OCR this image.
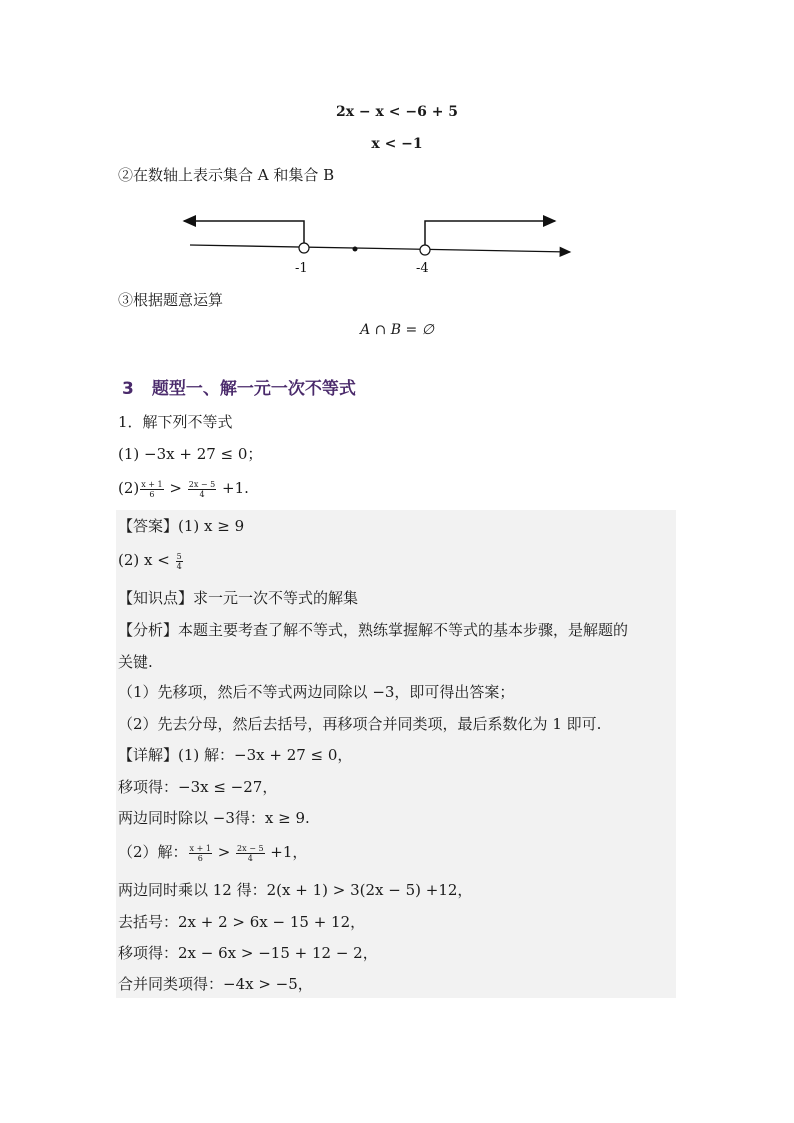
2x − x < −6 + 5
x < −1
②在数轴上表示集合 A 和集合 B
-1	-4
③根据题意运算
A ∩ B = ∅
3 题型一、解一元一次不等式
1．解下列不等式
(1) −3x + 27 ≤ 0；
$(2) \frac{x + 1}{6} > \frac{2x - 5}{4} +1$.
【答案】(1) x ≥ 9
(2) $x < \frac{5}{4}$
【知识点】求一元一次不等式的解集
【分析】本题主要考查了解不等式，熟练掌握解不等式的基本步骤，是解题的
关键.
（1）先移项，然后不等式两边同除以 −3，即可得出答案；
（2）先去分母，然后去括号，再移项合并同类项，最后系数化为 1 即可.
【详解】(1) 解：−3x + 27 ≤ 0，
移项得：−3x ≤ −27，
两边同时除以 −3得：x ≥ 9.
（2）解： $\frac{x + 1}{6} > \frac{2x - 5}{4} +1$，
两边同时乘以 12 得：2(x + 1) > 3(2x − 5) +12，
去括号：2x + 2 > 6x − 15 + 12，
移项得：2x − 6x > −15 + 12 − 2，
合并同类项得：−4x > −5，
